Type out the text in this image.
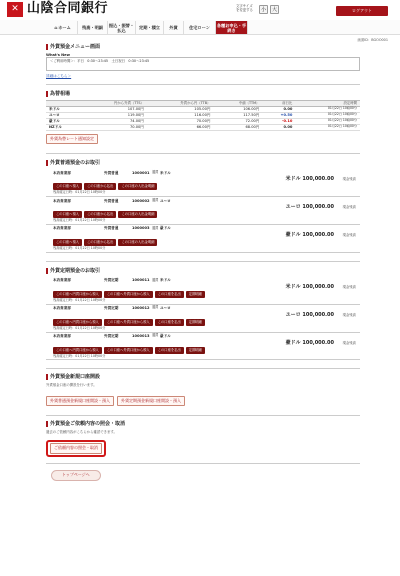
✕ 山陰合同銀行	文字サイズを変更する	小	大	ログアウト
⌂ ホーム	残高・明細	振込・振替・払込	定期・積立	外貨	住宅ローン	各種お申込・手続き
画面ID：BGOO001
外貨預金メニュー画面
What's New
＜ご利用時間＞：平日　0:30〜23:45　土日祝日　0:30〜23:45
詳細はこちら＞
為替相場
	円から外貨（TTS）	外貨から円（TTB）	中値（TTM）	前日比	設定時間
米ドル	107.00円	105.00円	106.00円	0.00	01月22日 10時00分
ユーロ	119.00円	116.00円	117.50円	+0.50	01月22日 10時00分
豪ドル	74.00円	70.00円	72.00円	-0.10	01月22日 10時00分
NZドル	70.00円	66.00円	68.00円	0.00	01月22日 10時00分
外貨為替レート通知設定
外貨普通預金のお取引
本店営業部	外貨普通	1000001 通貨 米ドル
米ドル 100,000.00 現金残高
この口座へ預入	この口座から払出	この口座の入出金明細
残高確定日時：01月22日 10時00分
本店営業部	外貨普通	1000002 通貨 ユーロ
ユーロ 100,000.00 現金残高
この口座へ預入	この口座から払出	この口座の入出金明細
残高確定日時：01月22日 10時00分
本店営業部	外貨普通	1000003 通貨 豪ドル
豪ドル 100,000.00 現金残高
この口座へ預入	この口座から払出	この口座の入出金明細
残高確定日時：01月22日 10時00分
外貨定期預金のお取引
本店営業部	外貨定期	1000011 通貨 米ドル
米ドル 100,000.00 現金残高
この口座へ円貨口座から預入	この口座へ外貨口座から預入	この口座を払出	定期明細
残高確定日時：01月22日 10時00分
本店営業部	外貨定期	1000012 通貨 ユーロ
ユーロ 100,000.00 現金残高
この口座へ円貨口座から預入	この口座へ外貨口座から預入	この口座を払出	定期明細
残高確定日時：01月22日 10時00分
本店営業部	外貨定期	1000013 通貨 豪ドル
豪ドル 100,000.00 現金残高
この口座へ円貨口座から預入	この口座へ外貨口座から預入	この口座を払出	定期明細
残高確定日時：01月22日 10時00分
外貨預金新規口座開設
外貨預金口座の開設を行います。
外貨普通預金新規口座開設・預入	外貨定期預金新規口座開設・預入
外貨預金ご依頼内容の照会・取消
過去のご依頼内容がこちらから確認できます。
ご依頼内容の照会・取消
トップページへ
